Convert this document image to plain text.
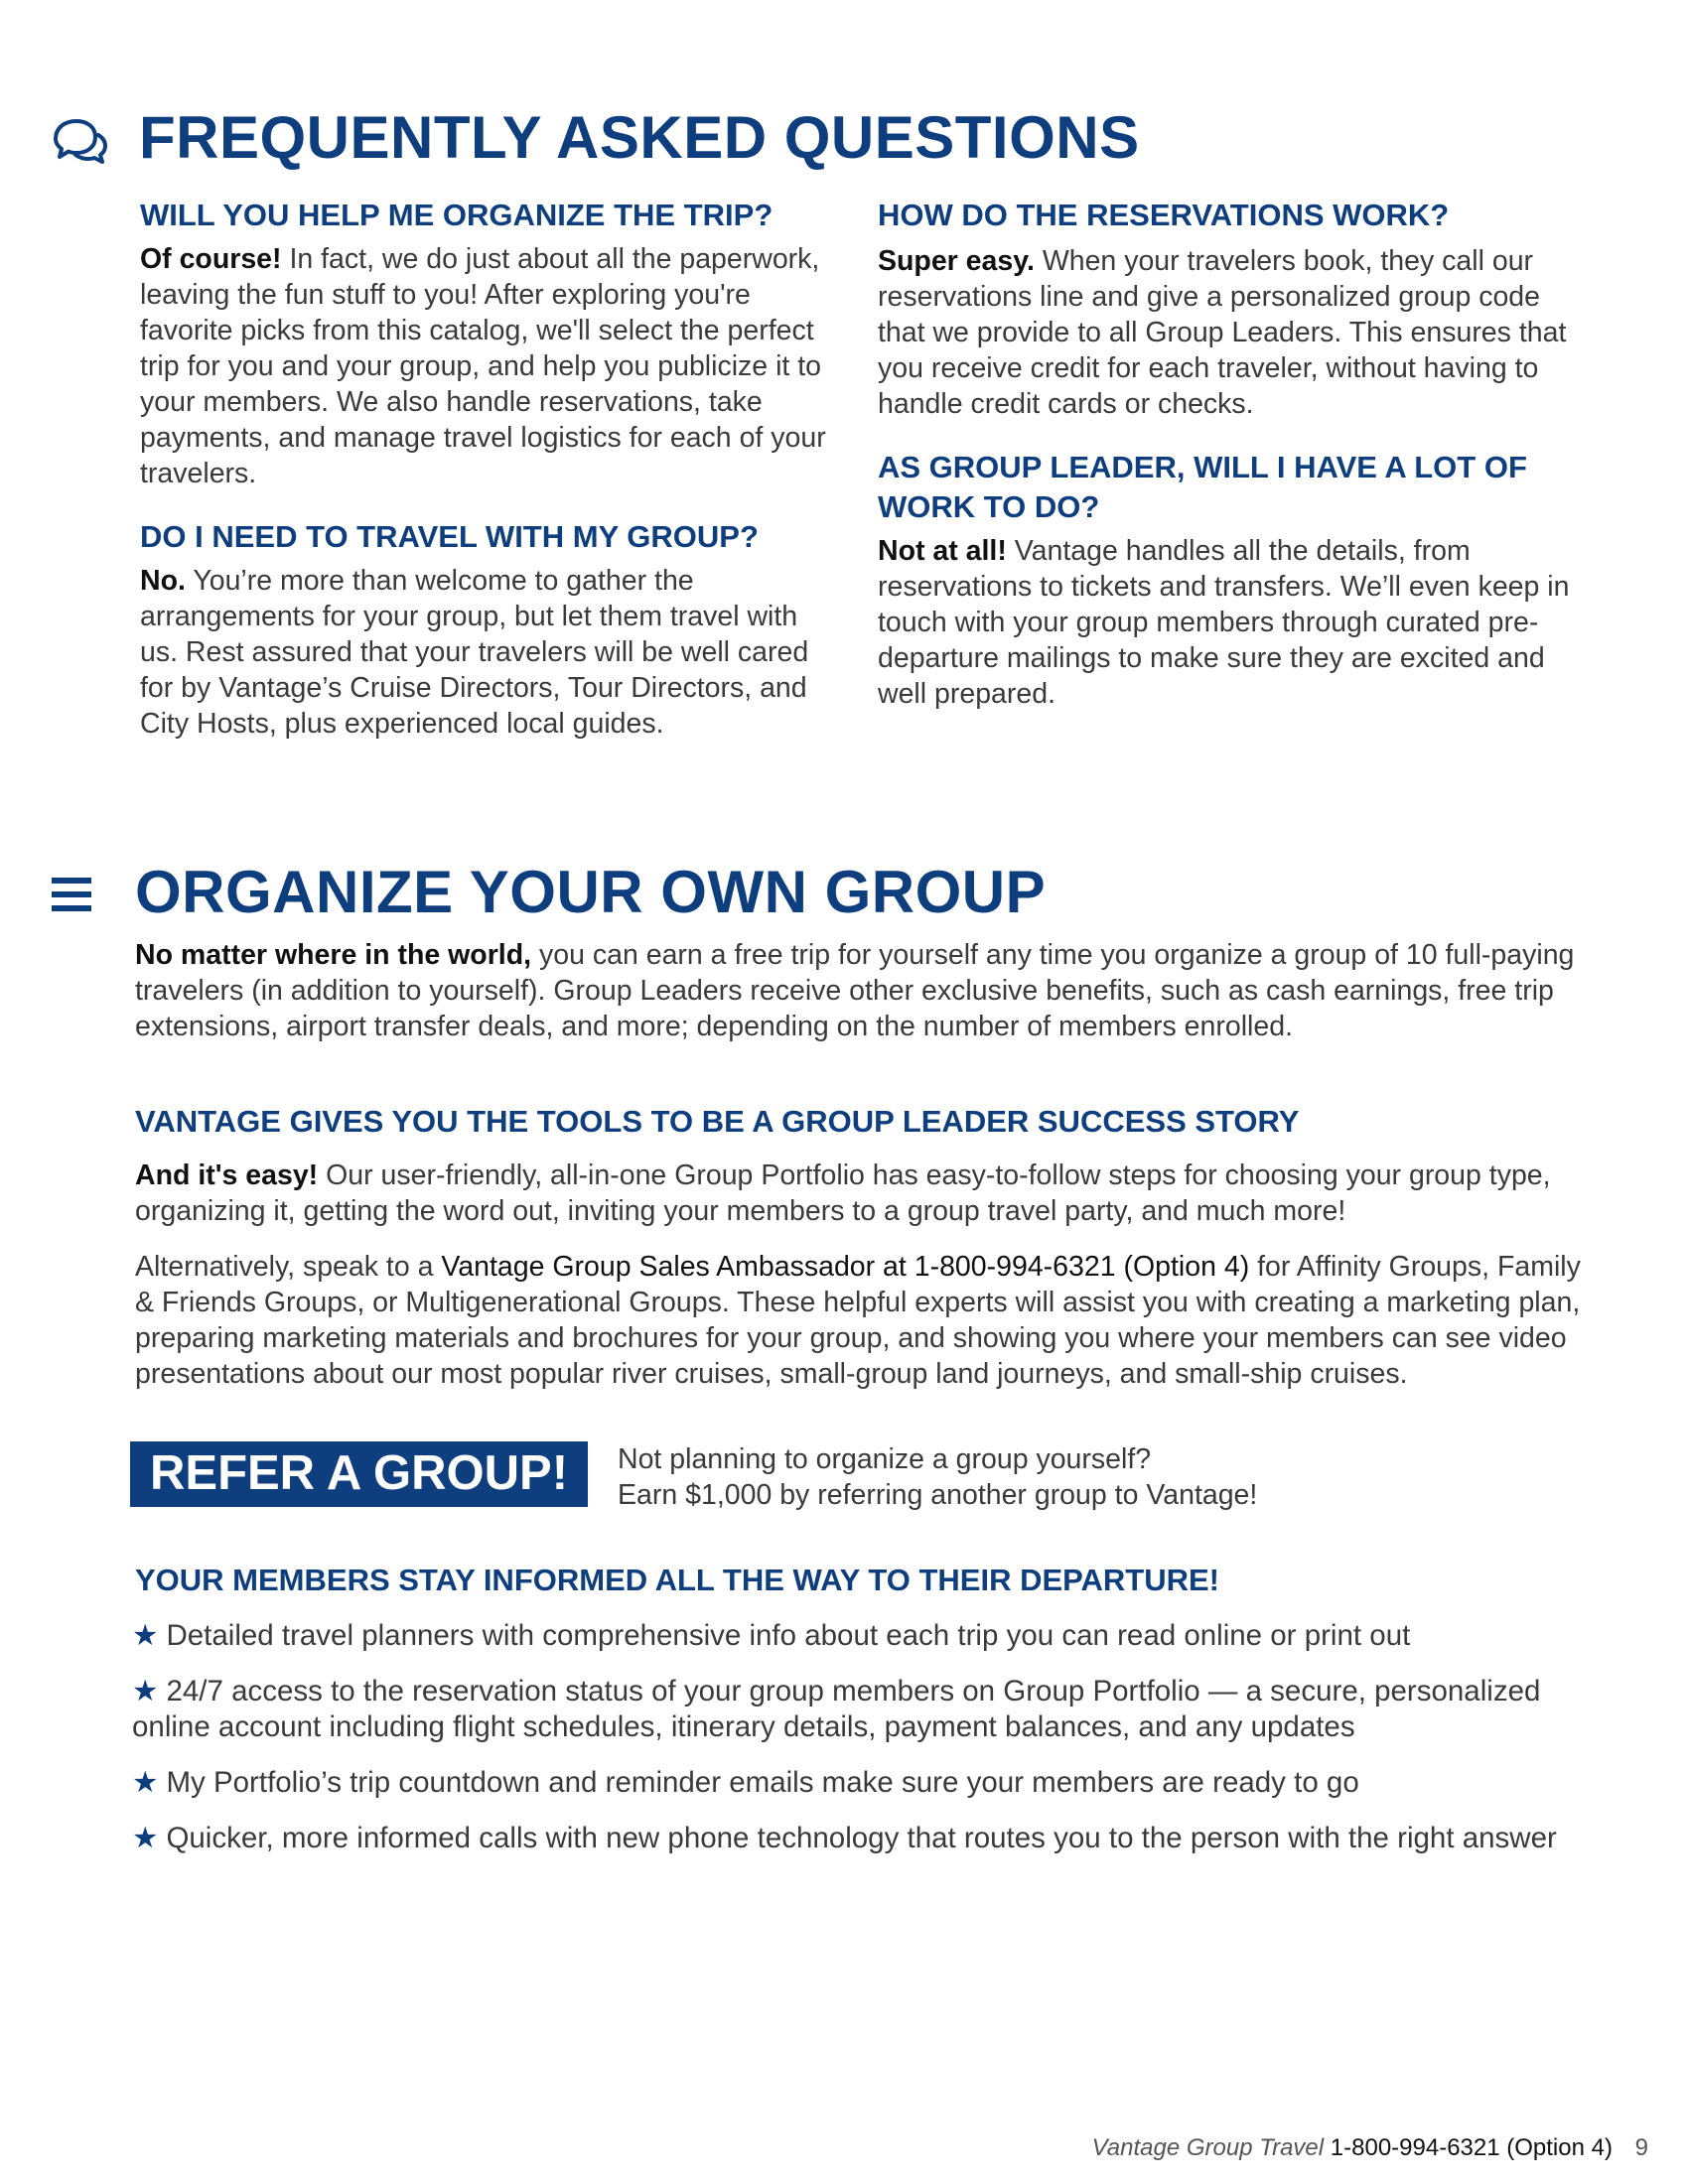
FREQUENTLY ASKED QUESTIONS
WILL YOU HELP ME ORGANIZE THE TRIP?

Of course! In fact, we do just about all the paperwork, leaving the fun stuff to you! After exploring you're favorite picks from this catalog, we'll select the perfect trip for you and your group, and help you publicize it to your members. We also handle reservations, take payments, and manage travel logistics for each of your travelers.

DO I NEED TO TRAVEL WITH MY GROUP?

No. You’re more than welcome to gather the arrangements for your group, but let them travel with us. Rest assured that your travelers will be well cared for by Vantage’s Cruise Directors, Tour Directors, and City Hosts, plus experienced local guides.

HOW DO THE RESERVATIONS WORK?

Super easy. When your travelers book, they call our reservations line and give a personalized group code that we provide to all Group Leaders. This ensures that you receive credit for each traveler, without having to handle credit cards or checks.

AS GROUP LEADER, WILL I HAVE A LOT OF WORK TO DO?

Not at all! Vantage handles all the details, from reservations to tickets and transfers. We’ll even keep in touch with your group members through curated pre-departure mailings to make sure they are excited and well prepared.

ORGANIZE YOUR OWN GROUP

No matter where in the world, you can earn a free trip for yourself any time you organize a group of 10 full-paying travelers (in addition to yourself). Group Leaders receive other exclusive benefits, such as cash earnings, free trip extensions, airport transfer deals, and more; depending on the number of members enrolled.

VANTAGE GIVES YOU THE TOOLS TO BE A GROUP LEADER SUCCESS STORY

And it's easy! Our user-friendly, all-in-one Group Portfolio has easy-to-follow steps for choosing your group type, organizing it, getting the word out, inviting your members to a group travel party, and much more!

Alternatively, speak to a Vantage Group Sales Ambassador at 1-800-994-6321 (Option 4) for Affinity Groups, Family & Friends Groups, or Multigenerational Groups. These helpful experts will assist you with creating a marketing plan, preparing marketing materials and brochures for your group, and showing you where your members can see video presentations about our most popular river cruises, small-group land journeys, and small-ship cruises.

REFER A GROUP!	Not planning to organize a group yourself?
Earn $1,000 by referring another group to Vantage!
YOUR MEMBERS STAY INFORMED ALL THE WAY TO THEIR DEPARTURE!
★ Detailed travel planners with comprehensive info about each trip you can read online or print out
★ 24/7 access to the reservation status of your group members on Group Portfolio — a secure, personalized online account including flight schedules, itinerary details, payment balances, and any updates
★ My Portfolio’s trip countdown and reminder emails make sure your members are ready to go
★ Quicker, more informed calls with new phone technology that routes you to the person with the right answer
Vantage Group Travel 1-800-994-6321 (Option 4) 9
